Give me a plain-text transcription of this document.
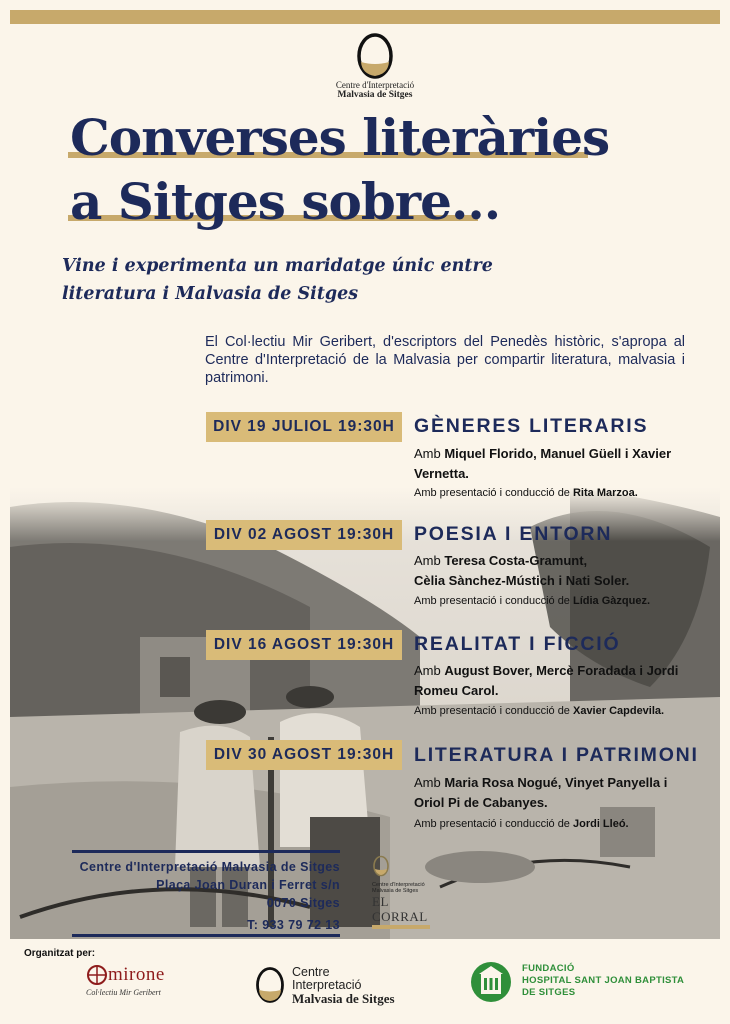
Centre d'Interpretació
Malvasia de Sitges
Converses literàries
a Sitges sobre...
Vine i experimenta un maridatge únic entre
literatura i Malvasia de Sitges
El Col·lectiu Mir Geribert, d'escriptors del Penedès històric, s'apropa al Centre d'Interpretació de la Malvasia per compartir literatura, malvasia i patrimoni.
DIV 19 JULIOL 19:30H GÈNERES LITERARIS
Amb Miquel Florido, Manuel Güell i Xavier
Vernetta.
Amb presentació i conducció de Rita Marzoa.
DIV 02 AGOST 19:30H	POESIA I ENTORN
Amb Teresa Costa-Gramunt,
Cèlia Sànchez-Mústich i Nati Soler.
Amb presentació i conducció de Lídia Gàzquez.
DIV 16 AGOST 19:30H	REALITAT I FICCIÓ
Amb August Bover, Mercè Foradada i Jordi
Romeu Carol.
Amb presentació i conducció de Xavier Capdevila.
DIV 30 AGOST 19:30H	LITERATURA I PATRIMONI
Amb Maria Rosa Nogué, Vinyet Panyella i
Oriol Pi de Cabanyes.
Amb presentació i conducció de Jordi Lleó.
Centre d'Interpretació Malvasia de Sitges
Plaça Joan Duran i Ferret s/n
0070 Sitges
T: 933 79 72 13
Centre d'Interpretació
Malvasia de Sitges
EL
CORRAL
Organitzat per:
mirone
Col·lectiu Mir Geribert
Centre
Interpretació
Malvasia de Sitges
FUNDACIÓ
HOSPITAL SANT JOAN BAPTISTA
DE SITGES
